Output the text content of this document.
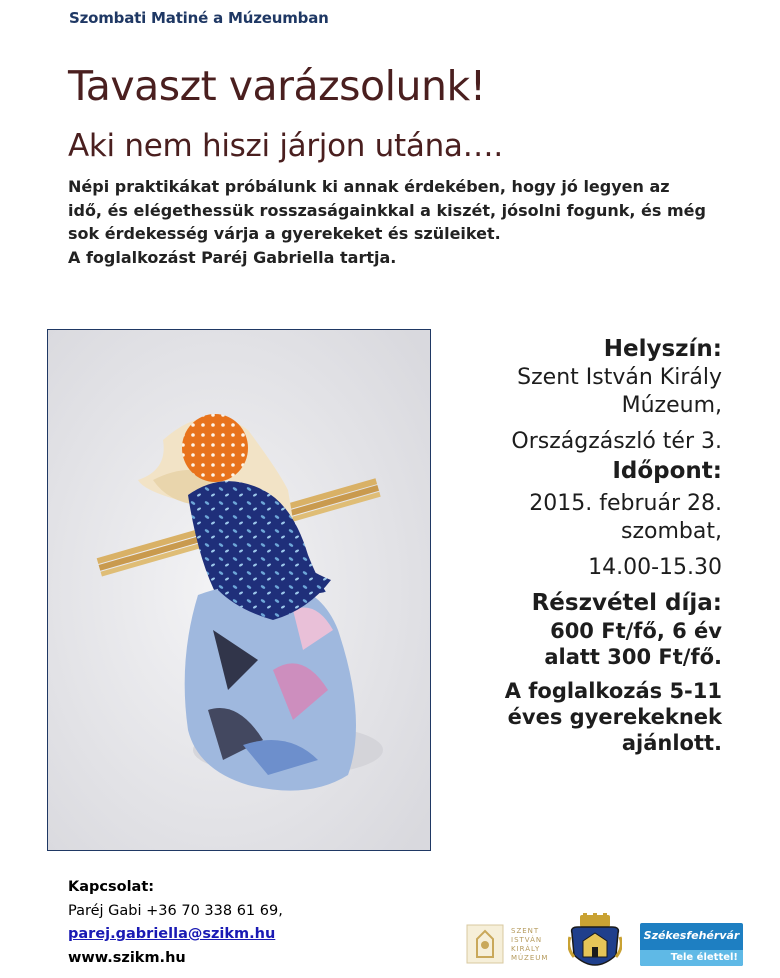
Szombati Matiné a Múzeumban
Tavaszt varázsolunk!
Aki nem hiszi járjon utána….
Népi praktikákat próbálunk ki annak érdekében, hogy jó legyen az
idő, és elégethessük rosszaságainkkal a kiszét, jósolni fogunk, és még
sok érdekesség várja a gyerekeket és szüleiket.
A foglalkozást Paréj Gabriella tartja.
Helyszín:
Szent István Király
Múzeum,
Országzászló tér 3.
Időpont:
2015. február 28.
szombat,
14.00-15.30
Részvétel díja:
600 Ft/fő, 6 év
alatt 300 Ft/fő.
A foglalkozás 5-11
éves gyerekeknek
ajánlott.
Kapcsolat:
Paréj Gabi +36 70 338 61 69,
parej.gabriella@szikm.hu
www.szikm.hu
SZENT
ISTVÁN
KIRÁLY
MÚZEUM
Székesfehérvár
Tele élettel!
